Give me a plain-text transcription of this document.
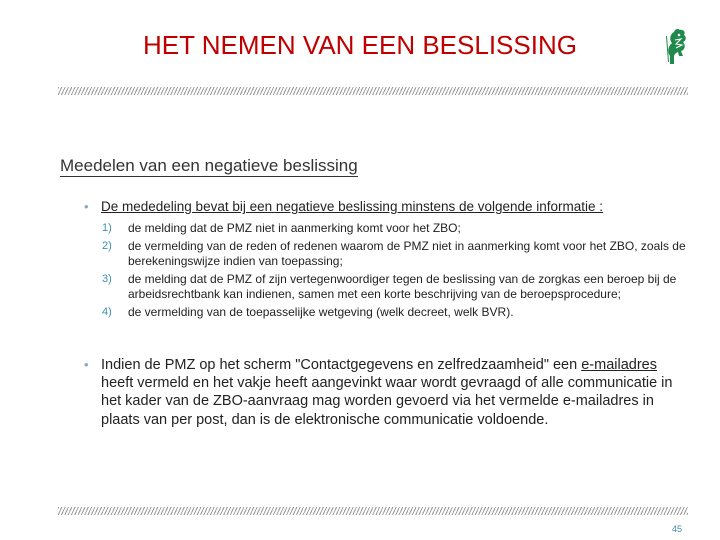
HET NEMEN VAN EEN BESLISSING
Meedelen van een negatieve beslissing
• De mededeling bevat bij een negatieve beslissing minstens de volgende informatie :
1) de melding dat de PMZ niet in aanmerking komt voor het ZBO;
2) de vermelding van de reden of redenen waarom de PMZ niet in aanmerking komt voor het ZBO, zoals de berekeningswijze indien van toepassing;
3) de melding dat de PMZ of zijn vertegenwoordiger tegen de beslissing van de zorgkas een beroep bij de arbeidsrechtbank kan indienen, samen met een korte beschrijving van de beroepsprocedure;
4) de vermelding van de toepasselijke wetgeving (welk decreet, welk BVR).
• Indien de PMZ op het scherm "Contactgegevens en zelfredzaamheid" een e-mailadres heeft vermeld en het vakje heeft aangevinkt waar wordt gevraagd of alle communicatie in het kader van de ZBO-aanvraag mag worden gevoerd via het vermelde e-mailadres in plaats van per post, dan is de elektronische communicatie voldoende.
45
